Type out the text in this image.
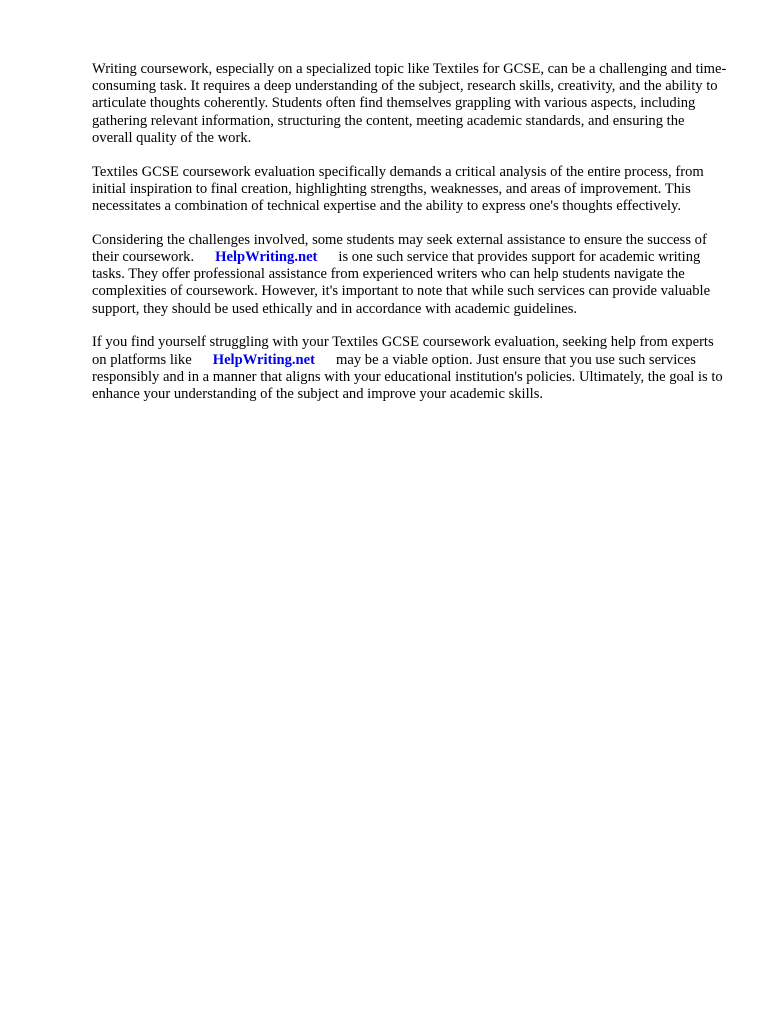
Writing coursework, especially on a specialized topic like Textiles for GCSE, can be a challenging and time-consuming task. It requires a deep understanding of the subject, research skills, creativity, and the ability to articulate thoughts coherently. Students often find themselves grappling with various aspects, including gathering relevant information, structuring the content, meeting academic standards, and ensuring the overall quality of the work.

Textiles GCSE coursework evaluation specifically demands a critical analysis of the entire process, from initial inspiration to final creation, highlighting strengths, weaknesses, and areas of improvement. This necessitates a combination of technical expertise and the ability to express one's thoughts effectively.

Considering the challenges involved, some students may seek external assistance to ensure the success of their coursework. HelpWriting.net is one such service that provides support for academic writing tasks. They offer professional assistance from experienced writers who can help students navigate the complexities of coursework. However, it's important to note that while such services can provide valuable support, they should be used ethically and in accordance with academic guidelines.

If you find yourself struggling with your Textiles GCSE coursework evaluation, seeking help from experts on platforms like HelpWriting.net may be a viable option. Just ensure that you use such services responsibly and in a manner that aligns with your educational institution's policies. Ultimately, the goal is to enhance your understanding of the subject and improve your academic skills.
